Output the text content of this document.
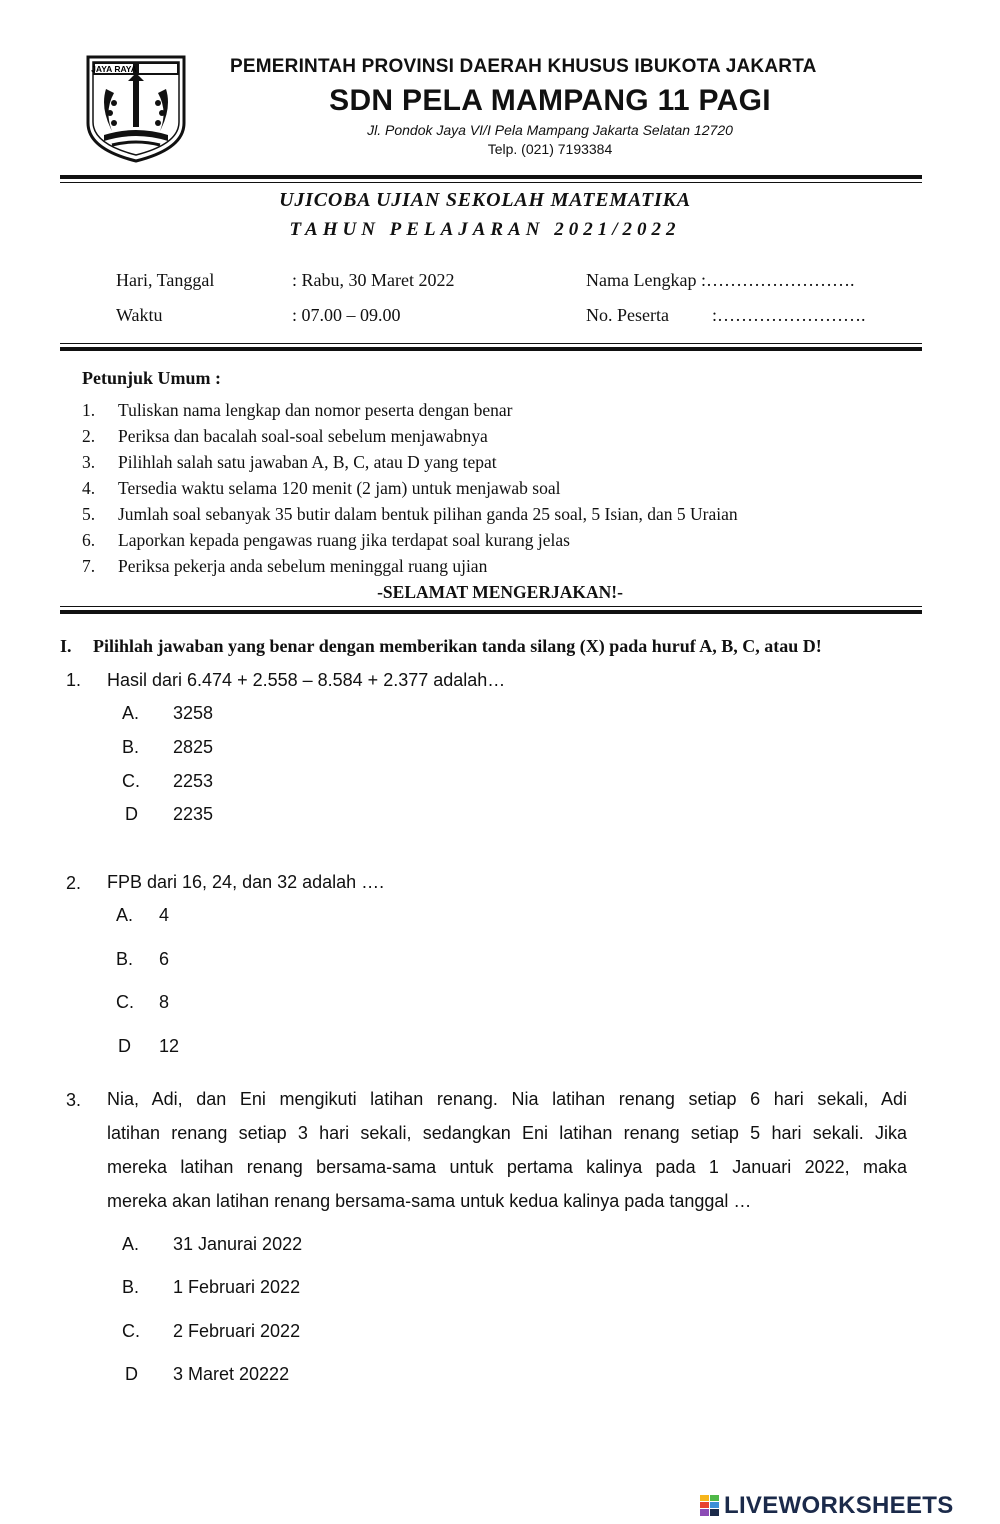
JAYA RAYA	PEMERINTAH PROVINSI DAERAH KHUSUS IBUKOTA JAKARTA
SDN PELA MAMPANG 11 PAGI
Jl. Pondok Jaya VI/I Pela Mampang Jakarta Selatan 12720
Telp. (021) 7193384
UJICOBA UJIAN SEKOLAH MATEMATIKA
TAHUN PELAJARAN 2021/2022
Hari, Tanggal	: Rabu, 30 Maret 2022	Nama Lengkap :…………………….
Waktu	: 07.00 – 09.00	No. Peserta :…………………….
Petunjuk Umum :
1.	Tuliskan nama lengkap dan nomor peserta dengan benar
2.	Periksa dan bacalah soal-soal sebelum menjawabnya
3.	Pilihlah salah satu jawaban A, B, C, atau D yang tepat
4.	Tersedia waktu selama 120 menit (2 jam) untuk menjawab soal
5.	Jumlah soal sebanyak 35 butir dalam bentuk pilihan ganda 25 soal, 5 Isian, dan 5 Uraian
6.	Laporkan kepada pengawas ruang jika terdapat soal kurang jelas
7.	Periksa pekerja anda sebelum meninggal ruang ujian
-SELAMAT MENGERJAKAN!-
I. Pilihlah jawaban yang benar dengan memberikan tanda silang (X) pada huruf A, B, C, atau D!
1. Hasil dari 6.474 + 2.558 – 8.584 + 2.377 adalah…
A. 3258
B. 2825
C. 2253
D 2235
2. FPB dari 16, 24, dan 32 adalah ….
A. 4
B. 6
C. 8
D 12
3. Nia, Adi, dan Eni mengikuti latihan renang. Nia latihan renang setiap 6 hari sekali, Adi
latihan renang setiap 3 hari sekali, sedangkan Eni latihan renang setiap 5 hari sekali. Jika
mereka latihan renang bersama-sama untuk pertama kalinya pada 1 Januari 2022, maka
mereka akan latihan renang bersama-sama untuk kedua kalinya pada tanggal …
A. 31 Janurai 2022
B. 1 Februari 2022
C. 2 Februari 2022
D 3 Maret 20222
LIVEWORKSHEETS
